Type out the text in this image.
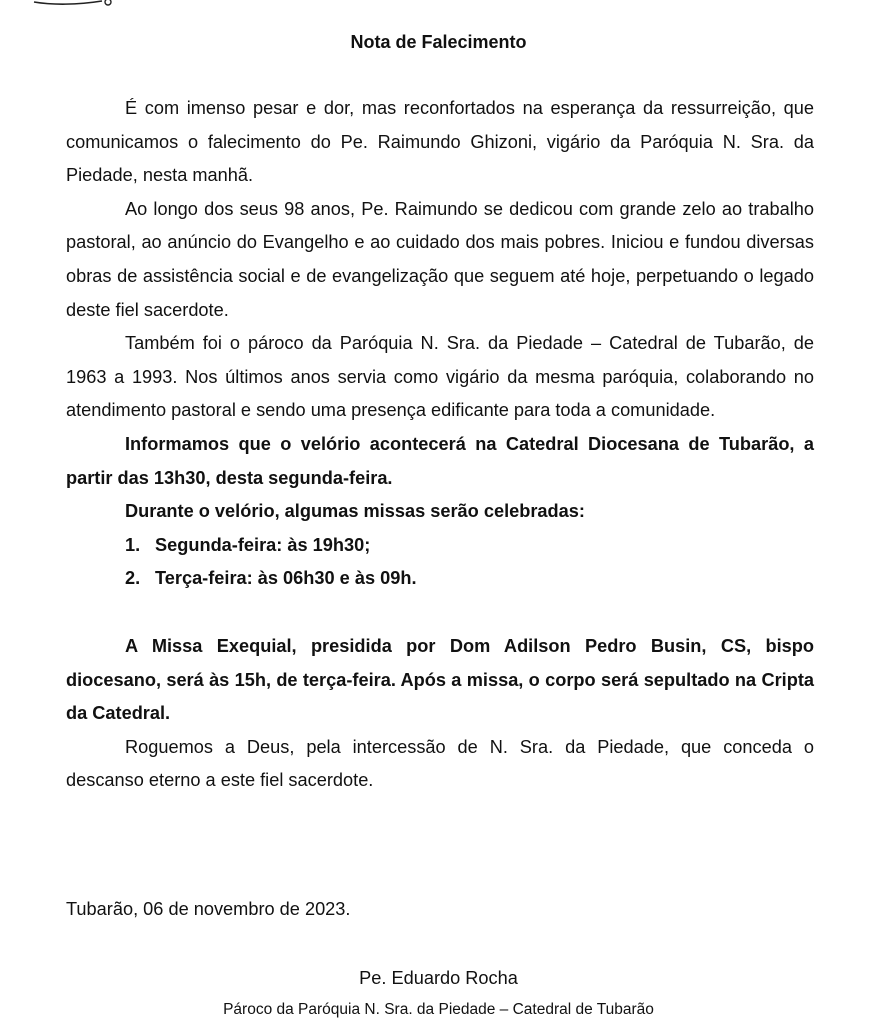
Nota de Falecimento

É com imenso pesar e dor, mas reconfortados na esperança da ressurreição, que comunicamos o falecimento do Pe. Raimundo Ghizoni, vigário da Paróquia N. Sra. da Piedade, nesta manhã.

Ao longo dos seus 98 anos, Pe. Raimundo se dedicou com grande zelo ao trabalho pastoral, ao anúncio do Evangelho e ao cuidado dos mais pobres. Iniciou e fundou diversas obras de assistência social e de evangelização que seguem até hoje, perpetuando o legado deste fiel sacerdote.

Também foi o pároco da Paróquia N. Sra. da Piedade – Catedral de Tubarão, de 1963 a 1993. Nos últimos anos servia como vigário da mesma paróquia, colaborando no atendimento pastoral e sendo uma presença edificante para toda a comunidade.

Informamos que o velório acontecerá na Catedral Diocesana de Tubarão, a partir das 13h30, desta segunda-feira.

Durante o velório, algumas missas serão celebradas:

1. Segunda-feira: às 19h30;
2. Terça-feira: às 06h30 e às 09h.

A Missa Exequial, presidida por Dom Adilson Pedro Busin, CS, bispo diocesano, será às 15h, de terça-feira. Após a missa, o corpo será sepultado na Cripta da Catedral.

Roguemos a Deus, pela intercessão de N. Sra. da Piedade, que conceda o descanso eterno a este fiel sacerdote.

Tubarão, 06 de novembro de 2023.
Pe. Eduardo Rocha
Pároco da Paróquia N. Sra. da Piedade – Catedral de Tubarão
